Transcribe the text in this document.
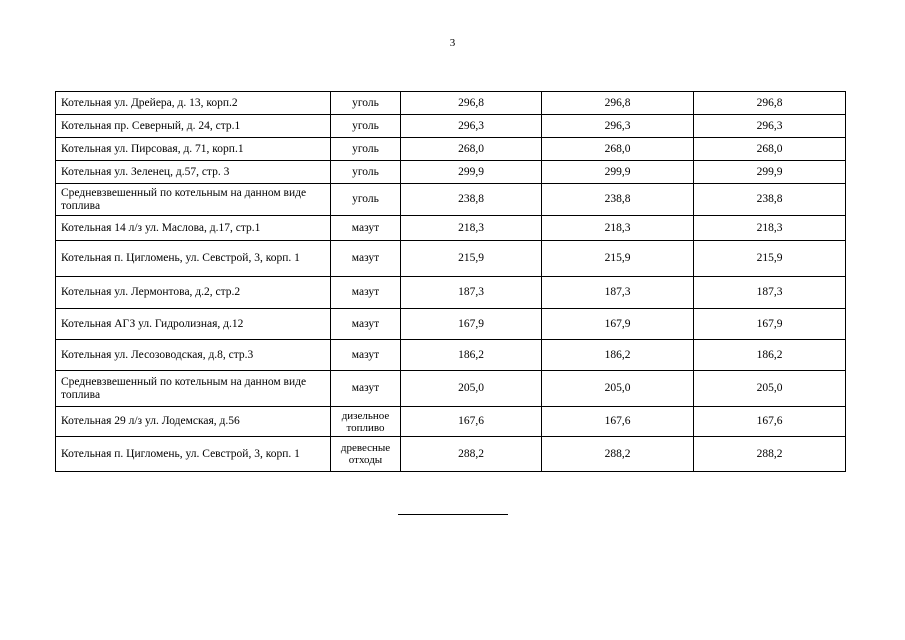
3
Котельная ул. Дрейера, д. 13, корп.2	уголь	296,8	296,8	296,8
Котельная пр. Северный, д. 24, стр.1	уголь	296,3	296,3	296,3
Котельная ул. Пирсовая, д. 71, корп.1	уголь	268,0	268,0	268,0
Котельная ул. Зеленец, д.57, стр. 3	уголь	299,9	299,9	299,9
Средневзвешенный по котельным на данном виде топлива	уголь	238,8	238,8	238,8
Котельная 14 л/з ул. Маслова, д.17, стр.1	мазут	218,3	218,3	218,3
Котельная п. Цигломень, ул. Севстрой, 3, корп. 1	мазут	215,9	215,9	215,9
Котельная ул. Лермонтова, д.2, стр.2	мазут	187,3	187,3	187,3
Котельная АГЗ ул. Гидролизная, д.12	мазут	167,9	167,9	167,9
Котельная ул. Лесозоводская, д.8, стр.3	мазут	186,2	186,2	186,2
Средневзвешенный по котельным на данном виде топлива	мазут	205,0	205,0	205,0
Котельная 29 л/з ул. Лодемская, д.56	дизельное топливо	167,6	167,6	167,6
Котельная п. Цигломень, ул. Севстрой, 3, корп. 1	древесные отходы	288,2	288,2	288,2
